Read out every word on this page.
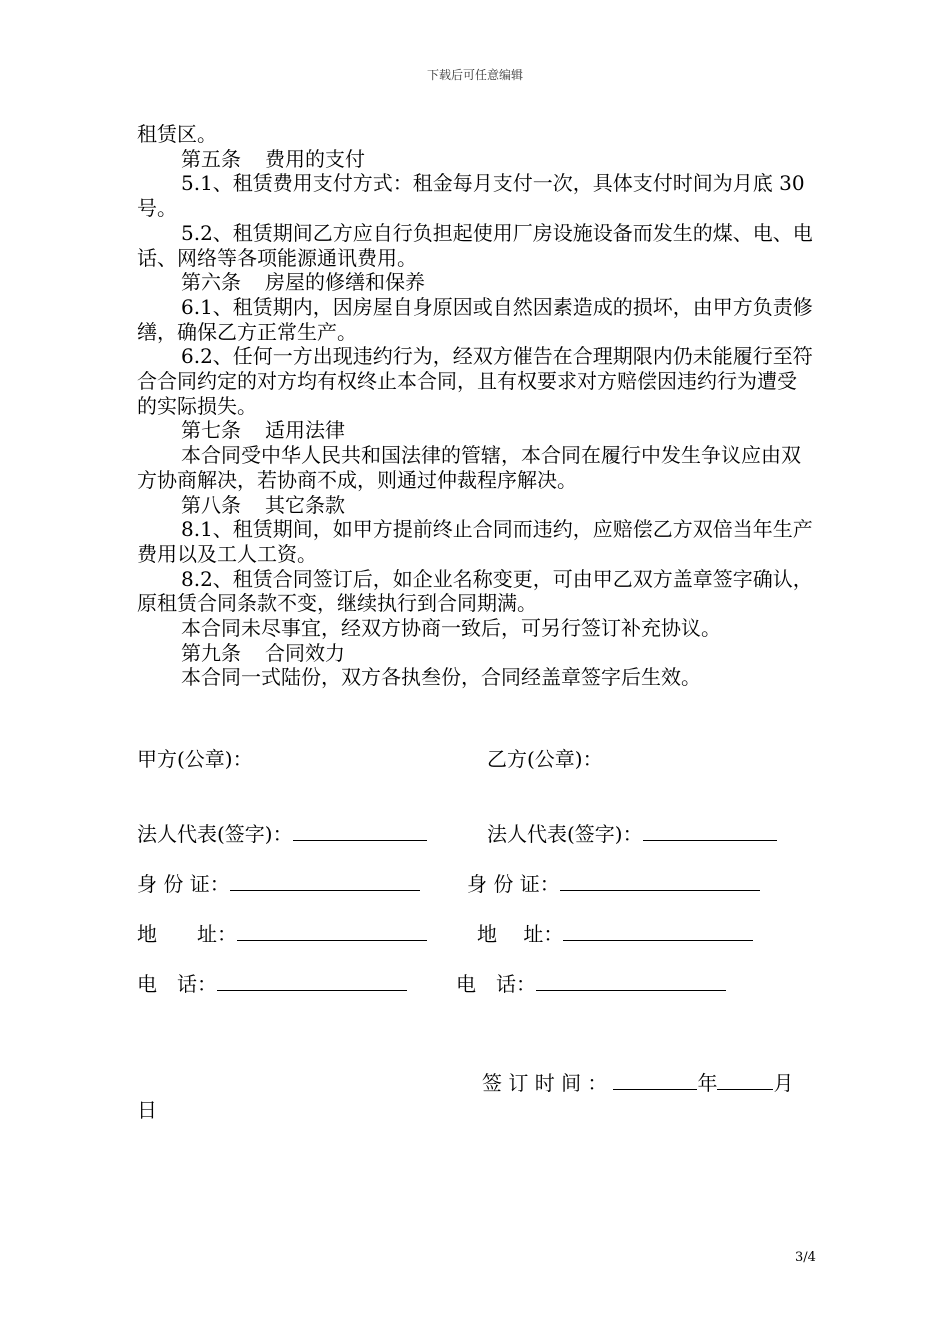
下载后可任意编辑

租赁区。

第五条 费用的支付

5.1、租赁费用支付方式：租金每月支付一次，具体支付时间为月底 30 号。

5.2、租赁期间乙方应自行负担起使用厂房设施设备而发生的煤、电、电话、网络等各项能源通讯费用。

第六条 房屋的修缮和保养

6.1、租赁期内，因房屋自身原因或自然因素造成的损坏，由甲方负责修缮，确保乙方正常生产。

6.2、任何一方出现违约行为，经双方催告在合理期限内仍未能履行至符合合同约定的对方均有权终止本合同，且有权要求对方赔偿因违约行为遭受的实际损失。

第七条 适用法律

本合同受中华人民共和国法律的管辖，本合同在履行中发生争议应由双方协商解决，若协商不成，则通过仲裁程序解决。

第八条 其它条款

8.1、租赁期间，如甲方提前终止合同而违约，应赔偿乙方双倍当年生产费用以及工人工资。

8.2、租赁合同签订后，如企业名称变更，可由甲乙双方盖章签字确认，原租赁合同条款不变，继续执行到合同期满。

本合同未尽事宜，经双方协商一致后，可另行签订补充协议。

第九条 合同效力

本合同一式陆份，双方各执叁份，合同经盖章签字后生效。

甲方(公章)：	乙方(公章)：
法人代表(签字)：	法人代表(签字)：
身 份 证：	身 份 证：
地　　址：	地　 址：
电　话：	电　话：
签 订 时 间 ：	年	月
日
3/4
